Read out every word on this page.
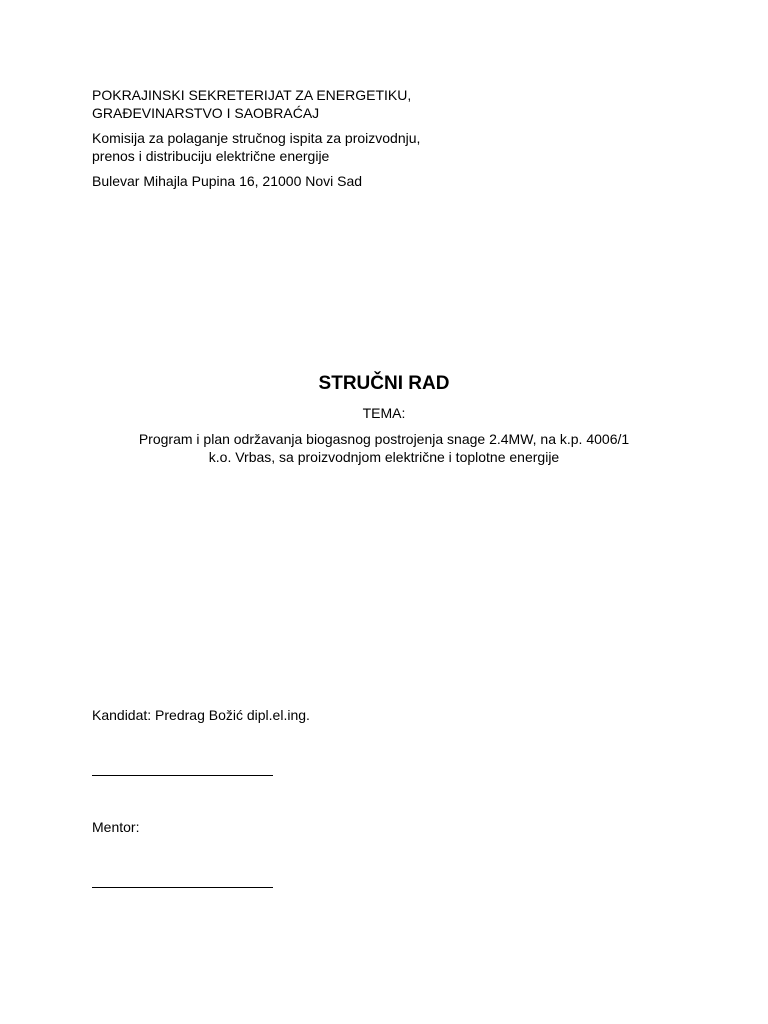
POKRAJINSKI SEKRETERIJAT ZA ENERGETIKU,
GRAĐEVINARSTVO I SAOBRAĆAJ
Komisija za polaganje stručnog ispita za proizvodnju,
prenos i distribuciju električne energije
Bulevar Mihajla Pupina 16, 21000 Novi Sad
STRUČNI RAD
TEMA:
Program i plan održavanja biogasnog postrojenja snage 2.4MW, na k.p. 4006/1
k.o. Vrbas, sa proizvodnjom električne i toplotne energije
Kandidat: Predrag Božić dipl.el.ing.
Mentor:
